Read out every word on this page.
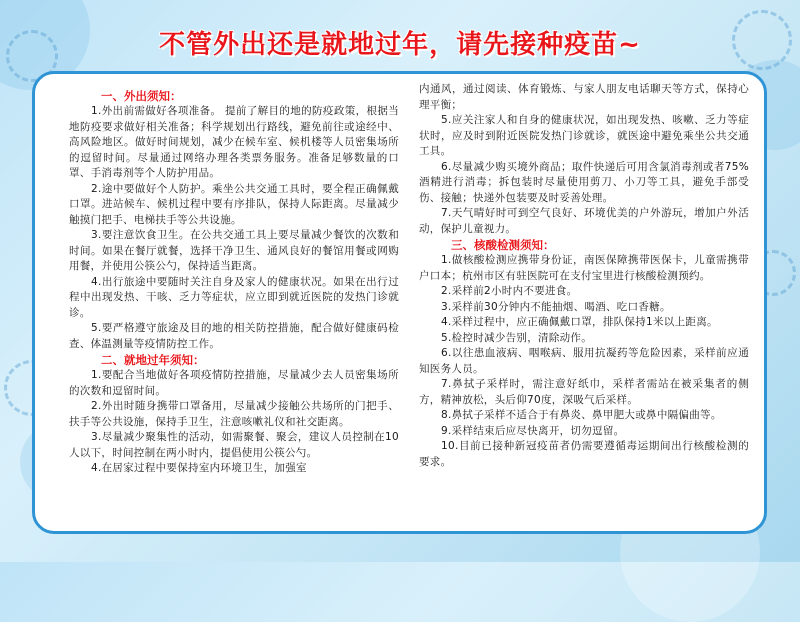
不管外出还是就地过年，请先接种疫苗~

一、外出须知：

1.外出前需做好各项准备。 提前了解目的地的防疫政策，根据当地防疫要求做好相关准备；科学规划出行路线，避免前往或途经中、高风险地区。做好时间规划，减少在候车室、候机楼等人员密集场所的逗留时间。尽量通过网络办理各类票务服务。准备足够数量的口罩、手消毒剂等个人防护用品。

2.途中要做好个人防护。乘坐公共交通工具时，要全程正确佩戴口罩。进站候车、候机过程中要有序排队，保持人际距离。尽量减少触摸门把手、电梯扶手等公共设施。

3.要注意饮食卫生。在公共交通工具上要尽量减少餐饮的次数和时间。如果在餐厅就餐，选择干净卫生、通风良好的餐馆用餐或网购用餐，并使用公筷公勺，保持适当距离。

4.出行旅途中要随时关注自身及家人的健康状况。如果在出行过程中出现发热、干咳、乏力等症状，应立即到就近医院的发热门诊就诊。

5.要严格遵守旅途及目的地的相关防控措施，配合做好健康码检查、体温测量等疫情防控工作。

二、就地过年须知：

1.要配合当地做好各项疫情防控措施，尽量减少去人员密集场所的次数和逗留时间。

2.外出时随身携带口罩备用，尽量减少接触公共场所的门把手、扶手等公共设施，保持手卫生，注意咳嗽礼仪和社交距离。

3.尽量减少聚集性的活动，如需聚餐、聚会，建议人员控制在10人以下，时间控制在两小时内，提倡使用公筷公勺。

4.在居家过程中要保持室内环境卫生，加强室

内通风，通过阅读、体育锻炼、与家人朋友电话聊天等方式，保持心理平衡；

5.应关注家人和自身的健康状况，如出现发热、咳嗽、乏力等症状时，应及时到附近医院发热门诊就诊，就医途中避免乘坐公共交通工具。

6.尽量减少购买境外商品；取件快递后可用含氯消毒剂或者75%酒精进行消毒；拆包装时尽量使用剪刀、小刀等工具，避免手部受伤、接触；快递外包装要及时妥善处理。

7.天气晴好时可到空气良好、环境优美的户外游玩，增加户外活动，保护儿童视力。

三、核酸检测须知：

1.做核酸检测应携带身份证，南医保障携带医保卡，儿童需携带户口本；杭州市区有驻医院可在支付宝里进行核酸检测预约。

2.采样前2小时内不要进食。

3.采样前30分钟内不能抽烟、喝酒、吃口香糖。

4.采样过程中，应正确佩戴口罩，排队保持1米以上距离。

5.检控时减少告别，清除动作。

6.以往患血液病、咽喉病、服用抗凝药等危险因素，采样前应通知医务人员。

7.鼻拭子采样时，需注意好纸巾，采样者需站在被采集者的侧方，精神放松，头后仰70度，深吸气后采样。

8.鼻拭子采样不适合于有鼻炎、鼻甲肥大或鼻中隔偏曲等。

9.采样结束后应尽快离开，切勿逗留。

10.目前已接种新冠疫苗者仍需要遵循毒运期间出行核酸检测的要求。
